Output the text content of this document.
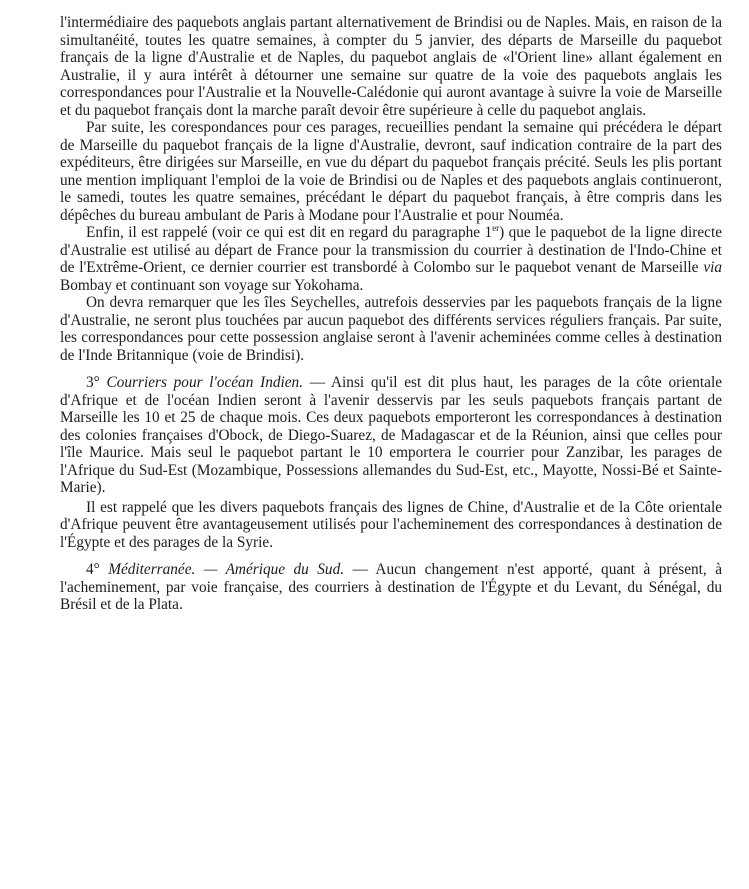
l'intermédiaire des paquebots anglais partant alternativement de Brindisi ou de Naples. Mais, en raison de la simultanéité, toutes les quatre semaines, à compter du 5 janvier, des départs de Marseille du paquebot français de la ligne d'Australie et de Naples, du paquebot anglais de «l'Orient line» allant également en Australie, il y aura intérêt à détourner une semaine sur quatre de la voie des paquebots anglais les correspondances pour l'Australie et la Nouvelle-Calédonie qui auront avantage à suivre la voie de Marseille et du paquebot français dont la marche paraît devoir être supérieure à celle du paquebot anglais.

Par suite, les corespondances pour ces parages, recueillies pendant la semaine qui précédera le départ de Marseille du paquebot français de la ligne d'Australie, devront, sauf indication contraire de la part des expéditeurs, être dirigées sur Marseille, en vue du départ du paquebot français précité. Seuls les plis portant une mention impliquant l'emploi de la voie de Brindisi ou de Naples et des paquebots anglais continueront, le samedi, toutes les quatre semaines, précédant le départ du paquebot français, à être compris dans les dépêches du bureau ambulant de Paris à Modane pour l'Australie et pour Nouméa.

Enfin, il est rappelé (voir ce qui est dit en regard du paragraphe 1er) que le paquebot de la ligne directe d'Australie est utilisé au départ de France pour la transmission du courrier à destination de l'Indo-Chine et de l'Extrême-Orient, ce dernier courrier est transbordé à Colombo sur le paquebot venant de Marseille via Bombay et continuant son voyage sur Yokohama.

On devra remarquer que les îles Seychelles, autrefois desservies par les paquebots français de la ligne d'Australie, ne seront plus touchées par aucun paquebot des différents services réguliers français. Par suite, les correspondances pour cette possession anglaise seront à l'avenir acheminées comme celles à destination de l'Inde Britannique (voie de Brindisi).

3° Courriers pour l'océan Indien. — Ainsi qu'il est dit plus haut, les parages de la côte orientale d'Afrique et de l'océan Indien seront à l'avenir desservis par les seuls paquebots français partant de Marseille les 10 et 25 de chaque mois. Ces deux paquebots emporteront les correspondances à destination des colonies françaises d'Obock, de Diego-Suarez, de Madagascar et de la Réunion, ainsi que celles pour l'île Maurice. Mais seul le paquebot partant le 10 emportera le courrier pour Zanzibar, les parages de l'Afrique du Sud-Est (Mozambique, Possessions allemandes du Sud-Est, etc., Mayotte, Nossi-Bé et Sainte-Marie).

Il est rappelé que les divers paquebots français des lignes de Chine, d'Australie et de la Côte orientale d'Afrique peuvent être avantageusement utilisés pour l'acheminement des correspondances à destination de l'Égypte et des parages de la Syrie.

4° Méditerranée. — Amérique du Sud. — Aucun changement n'est apporté, quant à présent, à l'acheminement, par voie française, des courriers à destination de l'Égypte et du Levant, du Sénégal, du Brésil et de la Plata.
